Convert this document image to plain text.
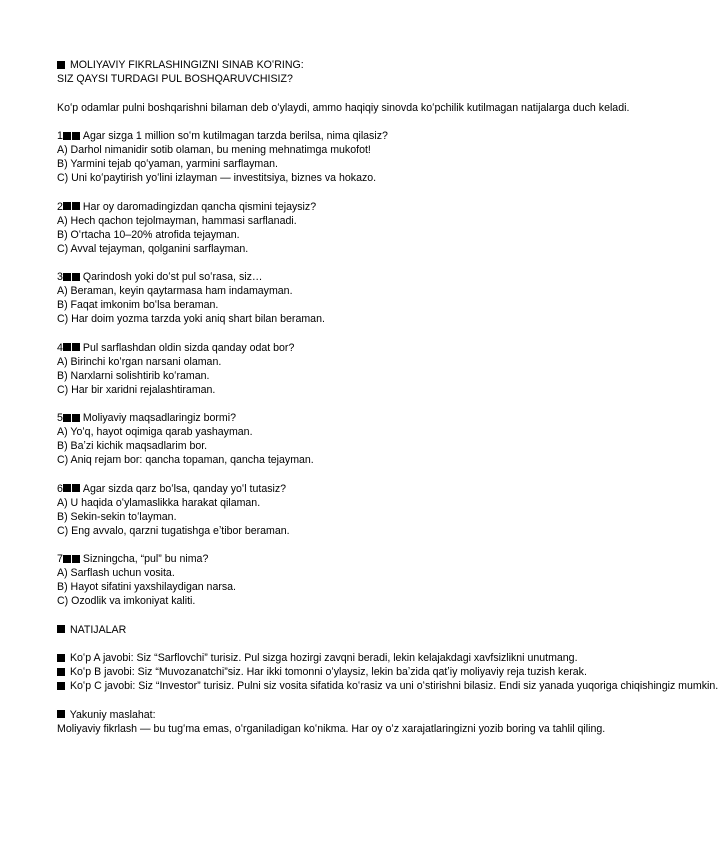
MOLIYAVIY FIKRLASHINGIZNI SINAB KOʻRING:
SIZ QAYSI TURDAGI PUL BOSHQARUVCHISIZ?
Koʻp odamlar pulni boshqarishni bilaman deb oʻylaydi, ammo haqiqiy sinovda koʻpchilik kutilmagan natijalarga duch keladi.
1 Agar sizga 1 million soʻm kutilmagan tarzda berilsa, nima qilasiz?
A) Darhol nimanidir sotib olaman, bu mening mehnatimga mukofot!
B) Yarmini tejab qoʻyaman, yarmini sarflayman.
C) Uni koʻpaytirish yoʻlini izlayman — investitsiya, biznes va hokazo.
2 Har oy daromadingizdan qancha qismini tejaysiz?
A) Hech qachon tejolmayman, hammasi sarflanadi.
B) Oʻrtacha 10–20% atrofida tejayman.
C) Avval tejayman, qolganini sarflayman.
3 Qarindosh yoki doʻst pul soʻrasa, siz…
A) Beraman, keyin qaytarmasa ham indamayman.
B) Faqat imkonim boʻlsa beraman.
C) Har doim yozma tarzda yoki aniq shart bilan beraman.
4 Pul sarflashdan oldin sizda qanday odat bor?
A) Birinchi koʻrgan narsani olaman.
B) Narxlarni solishtirib koʻraman.
C) Har bir xaridni rejalashtiraman.
5 Moliyaviy maqsadlaringiz bormi?
A) Yoʻq, hayot oqimiga qarab yashayman.
B) Baʼzi kichik maqsadlarim bor.
C) Aniq rejam bor: qancha topaman, qancha tejayman.
6 Agar sizda qarz boʻlsa, qanday yoʻl tutasiz?
A) U haqida oʻylamaslikka harakat qilaman.
B) Sekin-sekin toʻlayman.
C) Eng avvalo, qarzni tugatishga eʼtibor beraman.
7 Sizningcha, “pul” bu nima?
A) Sarflash uchun vosita.
B) Hayot sifatini yaxshilaydigan narsa.
C) Ozodlik va imkoniyat kaliti.
NATIJALAR
Koʻp A javobi: Siz “Sarflovchi” turisiz. Pul sizga hozirgi zavqni beradi, lekin kelajakdagi xavfsizlikni unutmang.
Koʻp B javobi: Siz “Muvozanatchi”siz. Har ikki tomonni oʻylaysiz, lekin baʼzida qatʼiy moliyaviy reja tuzish kerak.
Koʻp C javobi: Siz “Investor” turisiz. Pulni siz vosita sifatida koʻrasiz va uni oʻstirishni bilasiz. Endi siz yanada yuqoriga chiqishingiz mumkin.
Yakuniy maslahat:
Moliyaviy fikrlash — bu tugʻma emas, oʻrganiladigan koʻnikma. Har oy oʻz xarajatlaringizni yozib boring va tahlil qiling.
